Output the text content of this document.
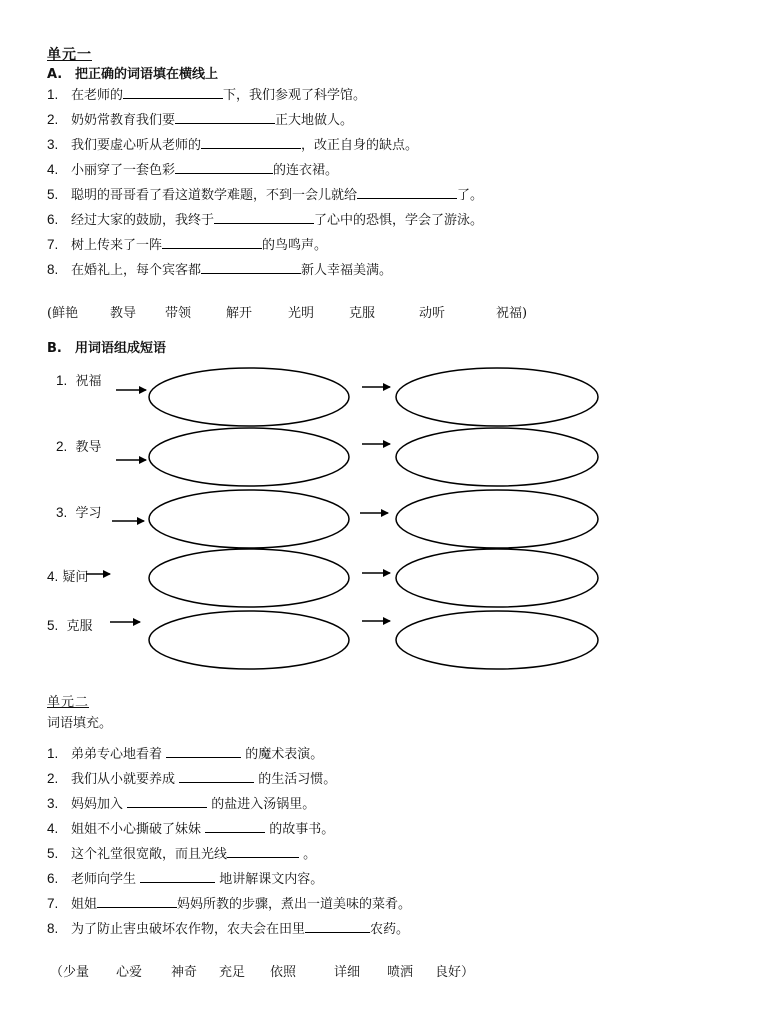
单元一
A. 把正确的词语填在横线上
1. 在老师的	下，我们参观了科学馆。
2. 奶奶常教育我们要	正大地做人。
3. 我们要虚心听从老师的	，改正自身的缺点。
4. 小丽穿了一套色彩	的连衣裙。
5. 聪明的哥哥看了看这道数学难题，不到一会儿就给	了。
6. 经过大家的鼓励，我终于	了心中的恐惧，学会了游泳。
7. 树上传来了一阵	的鸟鸣声。
8. 在婚礼上，每个宾客都	新人幸福美满。
(鲜艳 教导 带领	解开	光明	克服	动听	祝福)
B. 用词语组成短语
1. 祝福
2. 教导
3. 学习
4. 疑问
5. 克服
单元二
词语填充。
1. 弟弟专心地看着	的魔术表演。
2. 我们从小就要养成	的生活习惯。
3. 妈妈加入	的盐进入汤锅里。
4. 姐姐不小心撕破了妹妹	的故事书。
5. 这个礼堂很宽敞，而且光线	。
6. 老师向学生	地讲解课文内容。
7. 姐姐	妈妈所教的步骤，煮出一道美味的菜肴。
8. 为了防止害虫破坏农作物，农夫会在田里	农药。
（少量 心爱 神奇 充足 依照	详细 喷洒 良好）
